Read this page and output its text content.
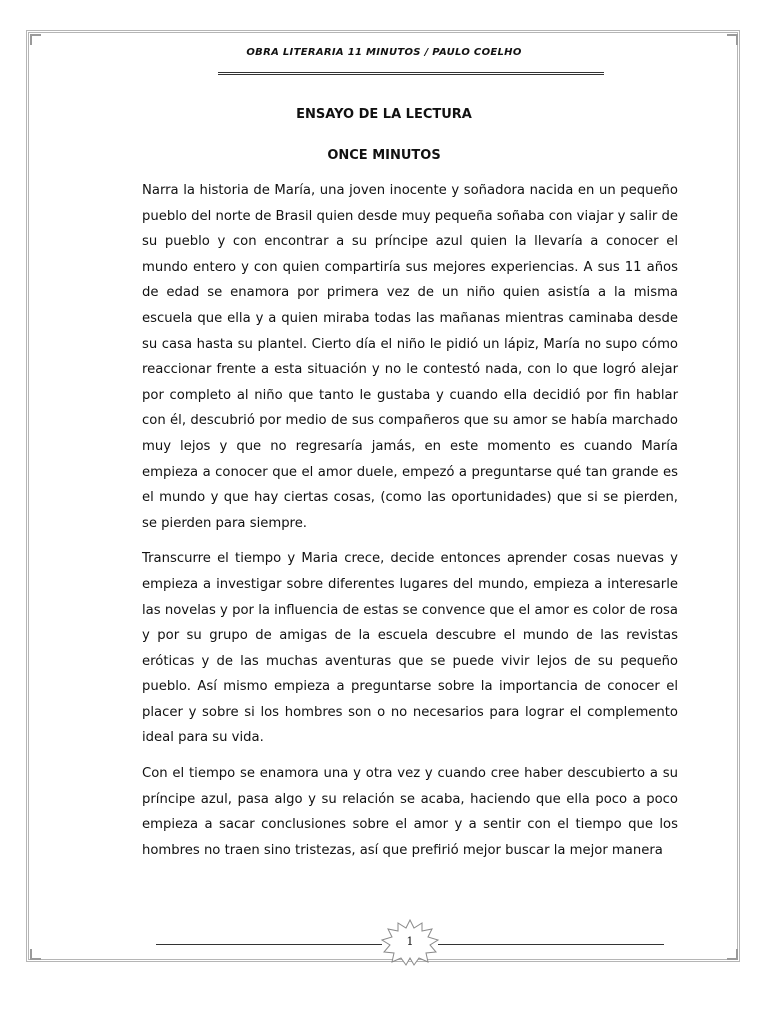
OBRA LITERARIA 11 MINUTOS / PAULO COELHO
ENSAYO DE LA LECTURA
ONCE MINUTOS

Narra la historia de María, una joven inocente y soñadora nacida en un pequeño pueblo del norte de Brasil quien desde muy pequeña soñaba con viajar y salir de su pueblo y con encontrar a su príncipe azul quien la llevaría a conocer el mundo entero y con quien compartiría sus mejores experiencias. A sus 11 años de edad se enamora por primera vez de un niño quien asistía a la misma escuela que ella y a quien miraba todas las mañanas mientras caminaba desde su casa hasta su plantel. Cierto día el niño le pidió un lápiz, María no supo cómo reaccionar frente a esta situación y no le contestó nada, con lo que logró alejar por completo al niño que tanto le gustaba y cuando ella decidió por fin hablar con él, descubrió por medio de sus compañeros que su amor se había marchado muy lejos y que no regresaría jamás, en este momento es cuando María empieza a conocer que el amor duele, empezó a preguntarse qué tan grande es el mundo y que hay ciertas cosas, (como las oportunidades) que si se pierden, se pierden para siempre.

Transcurre el tiempo y Maria crece, decide entonces aprender cosas nuevas y empieza a investigar sobre diferentes lugares del mundo, empieza a interesarle las novelas y por la influencia de estas se convence que el amor es color de rosa y por su grupo de amigas de la escuela descubre el mundo de las revistas eróticas y de las muchas aventuras que se puede vivir lejos de su pequeño pueblo. Así mismo empieza a preguntarse sobre la importancia de conocer el placer y sobre si los hombres son o no necesarios para lograr el complemento ideal para su vida.

Con el tiempo se enamora una y otra vez y cuando cree haber descubierto a su príncipe azul, pasa algo y su relación se acaba, haciendo que ella poco a poco empieza a sacar conclusiones sobre el amor y a sentir con el tiempo que los hombres no traen sino tristezas, así que prefirió mejor buscar la mejor manera

1
